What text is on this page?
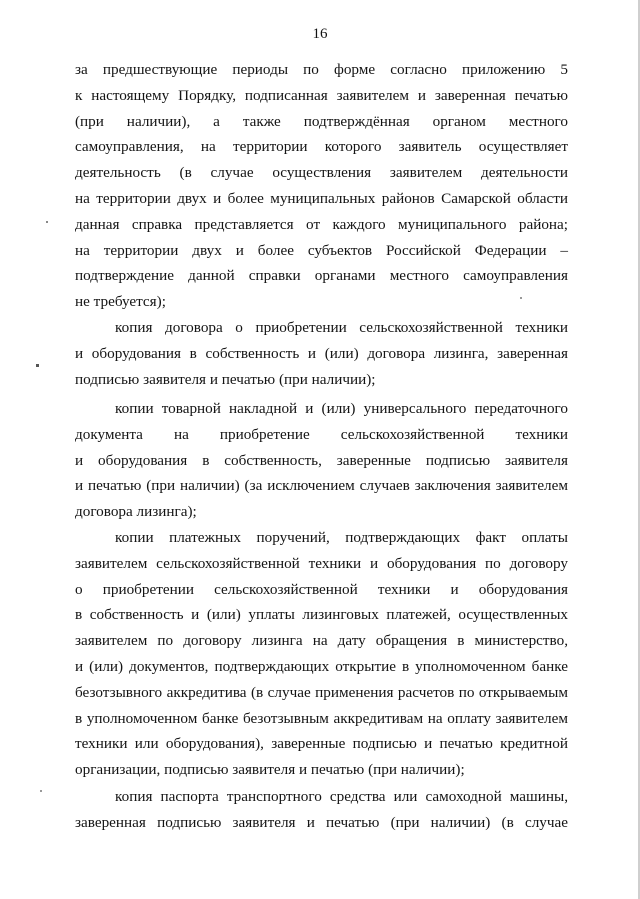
16
за предшествующие периоды по форме согласно приложению 5
к настоящему Порядку, подписанная заявителем и заверенная печатью
(при наличии), а также подтверждённая органом местного
самоуправления, на территории которого заявитель осуществляет
деятельность (в случае осуществления заявителем деятельности
на территории двух и более муниципальных районов Самарской области
данная справка представляется от каждого муниципального района;
на территории двух и более субъектов Российской Федерации –
подтверждение данной справки органами местного самоуправления
не требуется);
копия договора о приобретении сельскохозяйственной техники
и оборудования в собственность и (или) договора лизинга, заверенная
подписью заявителя и печатью (при наличии);
копии товарной накладной и (или) универсального передаточного
документа на приобретение сельскохозяйственной техники
и оборудования в собственность, заверенные подписью заявителя
и печатью (при наличии) (за исключением случаев заключения заявителем
договора лизинга);
копии платежных поручений, подтверждающих факт оплаты
заявителем сельскохозяйственной техники и оборудования по договору
о приобретении сельскохозяйственной техники и оборудования
в собственность и (или) уплаты лизинговых платежей, осуществленных
заявителем по договору лизинга на дату обращения в министерство,
и (или) документов, подтверждающих открытие в уполномоченном банке
безотзывного аккредитива (в случае применения расчетов по открываемым
в уполномоченном банке безотзывным аккредитивам на оплату заявителем
техники или оборудования), заверенные подписью и печатью кредитной
организации, подписью заявителя и печатью (при наличии);
копия паспорта транспортного средства или самоходной машины,
заверенная подписью заявителя и печатью (при наличии) (в случае
